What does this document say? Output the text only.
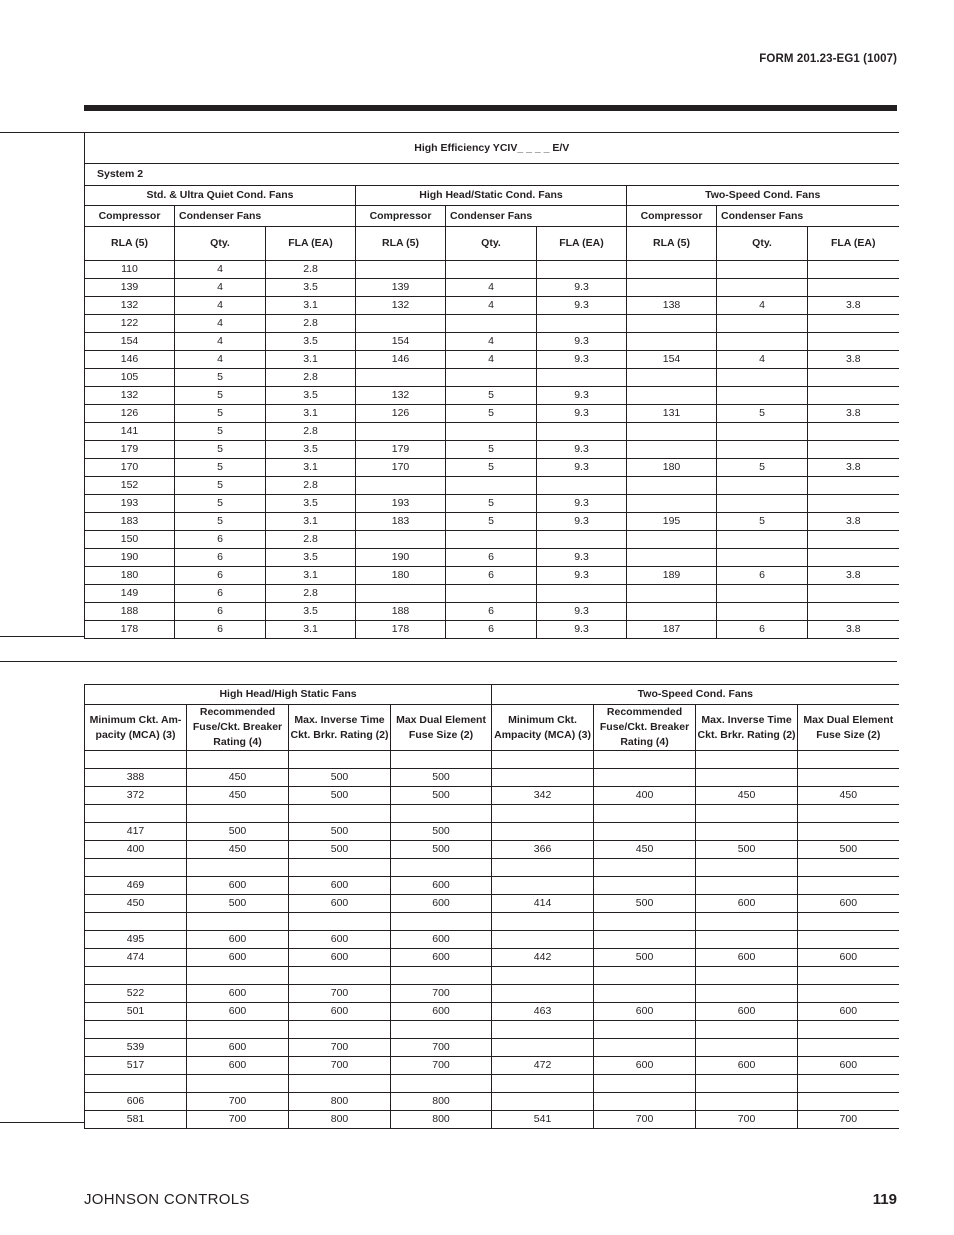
FORM 201.23-EG1 (1007)
High Efficiency YCIV_ _ _ _ E/V								
System 2								
Std. & Ultra Quiet Cond. Fans			High Head/Static Cond. Fans			Two-Speed Cond. Fans		
Compressor	Condenser Fans		Compressor	Condenser Fans		Compressor	Condenser Fans	
RLA (5)	Qty.	FLA (EA)	RLA (5)	Qty.	FLA (EA)	RLA (5)	Qty.	FLA (EA)
110	4	2.8						
139	4	3.5	139	4	9.3			
132	4	3.1	132	4	9.3	138	4	3.8
122	4	2.8						
154	4	3.5	154	4	9.3			
146	4	3.1	146	4	9.3	154	4	3.8
105	5	2.8						
132	5	3.5	132	5	9.3			
126	5	3.1	126	5	9.3	131	5	3.8
141	5	2.8						
179	5	3.5	179	5	9.3			
170	5	3.1	170	5	9.3	180	5	3.8
152	5	2.8						
193	5	3.5	193	5	9.3			
183	5	3.1	183	5	9.3	195	5	3.8
150	6	2.8						
190	6	3.5	190	6	9.3			
180	6	3.1	180	6	9.3	189	6	3.8
149	6	2.8						
188	6	3.5	188	6	9.3			
178	6	3.1	178	6	9.3	187	6	3.8
High Head/High Static Fans				Two-Speed Cond. Fans			
Minimum Ckt. Am-pacity (MCA) (3)	Recommended Fuse/Ckt. Breaker Rating (4)	Max. Inverse Time Ckt. Brkr. Rating (2)	Max Dual Element Fuse Size (2)	Minimum Ckt. Ampacity (MCA) (3)	Recommended Fuse/Ckt. Breaker Rating (4)	Max. Inverse Time Ckt. Brkr. Rating (2)	Max Dual Element Fuse Size (2)

388	450	500	500				
372	450	500	500	342	400	450	450

417	500	500	500				
400	450	500	500	366	450	500	500

469	600	600	600				
450	500	600	600	414	500	600	600

495	600	600	600				
474	600	600	600	442	500	600	600

522	600	700	700				
501	600	600	600	463	600	600	600

539	600	700	700				
517	600	700	700	472	600	600	600

606	700	800	800				
581	700	800	800	541	700	700	700
JOHNSON CONTROLS	119
